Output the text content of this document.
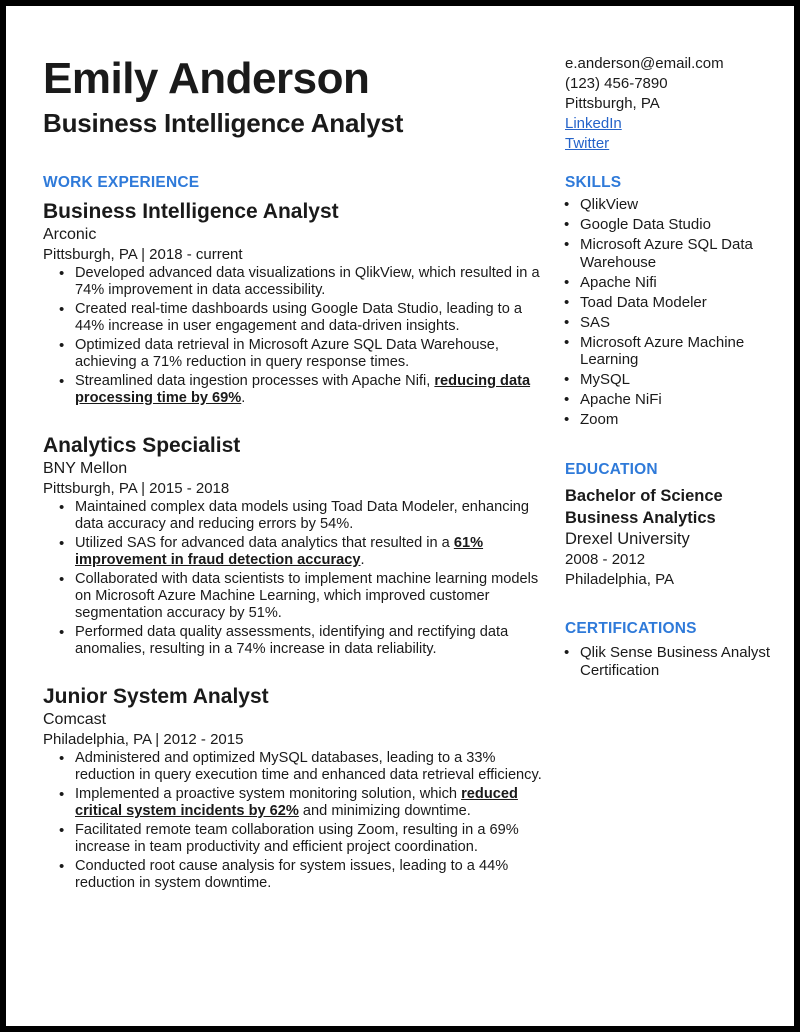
Emily Anderson
Business Intelligence Analyst
e.anderson@email.com
(123) 456-7890
Pittsburgh, PA
LinkedIn
Twitter
WORK EXPERIENCE
Business Intelligence Analyst
Arconic
Pittsburgh, PA | 2018 - current
• Developed advanced data visualizations in QlikView, which resulted in a 74% improvement in data accessibility.
• Created real-time dashboards using Google Data Studio, leading to a 44% increase in user engagement and data-driven insights.
• Optimized data retrieval in Microsoft Azure SQL Data Warehouse, achieving a 71% reduction in query response times.
• Streamlined data ingestion processes with Apache Nifi, reducing data processing time by 69%.
Analytics Specialist
BNY Mellon
Pittsburgh, PA | 2015 - 2018
• Maintained complex data models using Toad Data Modeler, enhancing data accuracy and reducing errors by 54%.
• Utilized SAS for advanced data analytics that resulted in a 61% improvement in fraud detection accuracy.
• Collaborated with data scientists to implement machine learning models on Microsoft Azure Machine Learning, which improved customer segmentation accuracy by 51%.
• Performed data quality assessments, identifying and rectifying data anomalies, resulting in a 74% increase in data reliability.
Junior System Analyst
Comcast
Philadelphia, PA | 2012 - 2015
• Administered and optimized MySQL databases, leading to a 33% reduction in query execution time and enhanced data retrieval efficiency.
• Implemented a proactive system monitoring solution, which reduced critical system incidents by 62% and minimizing downtime.
• Facilitated remote team collaboration using Zoom, resulting in a 69% increase in team productivity and efficient project coordination.
• Conducted root cause analysis for system issues, leading to a 44% reduction in system downtime.
SKILLS
• QlikView
• Google Data Studio
• Microsoft Azure SQL Data Warehouse
• Apache Nifi
• Toad Data Modeler
• SAS
• Microsoft Azure Machine Learning
• MySQL
• Apache NiFi
• Zoom
EDUCATION
Bachelor of Science
Business Analytics
Drexel University
2008 - 2012
Philadelphia, PA
CERTIFICATIONS
• Qlik Sense Business Analyst Certification
